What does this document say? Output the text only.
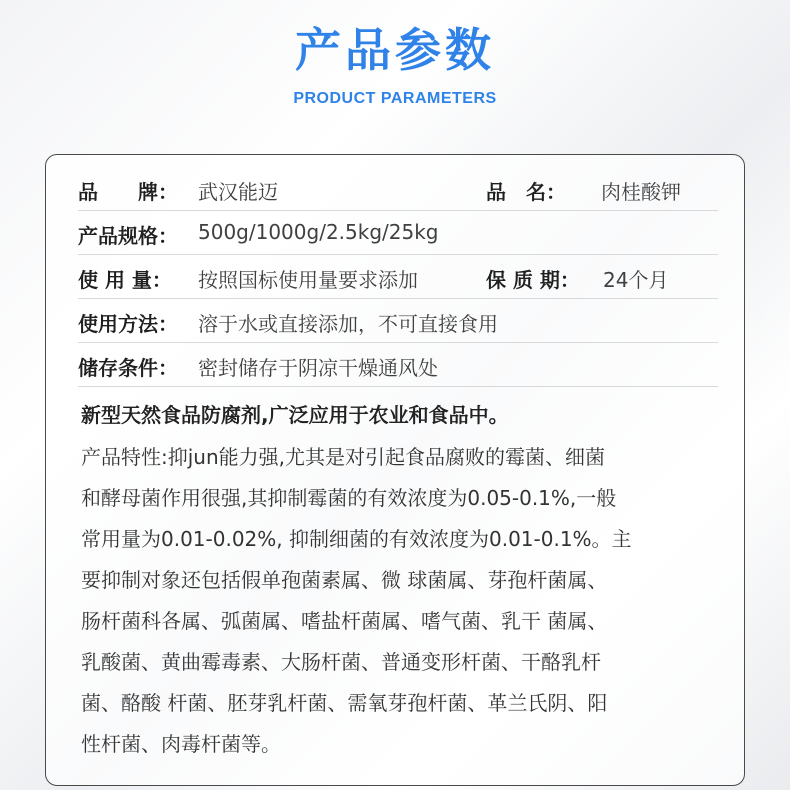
产品参数
PRODUCT PARAMETERS
品　　牌： 武汉能迈	品　名： 肉桂酸钾
产品规格： 500g/1000g/2.5kg/25kg
使 用 量： 按照国标使用量要求添加	保 质 期： 24个月
使用方法： 溶于水或直接添加，不可直接食用
储存条件： 密封储存于阴凉干燥通风处
新型天然食品防腐剂,广泛应用于农业和食品中。
产品特性:抑jun能力强,尤其是对引起食品腐败的霉菌、细菌
和酵母菌作用很强,其抑制霉菌的有效浓度为0.05-0.1%,一般
常用量为0.01-0.02%, 抑制细菌的有效浓度为0.01-0.1%。主
要抑制对象还包括假单孢菌素属、微 球菌属、芽孢杆菌属、
肠杆菌科各属、弧菌属、嗜盐杆菌属、嗜气菌、乳干 菌属、
乳酸菌、黄曲霉毒素、大肠杆菌、普通变形杆菌、干酪乳杆
菌、酪酸 杆菌、胚芽乳杆菌、需氧芽孢杆菌、革兰氏阴、阳
性杆菌、肉毒杆菌等。
